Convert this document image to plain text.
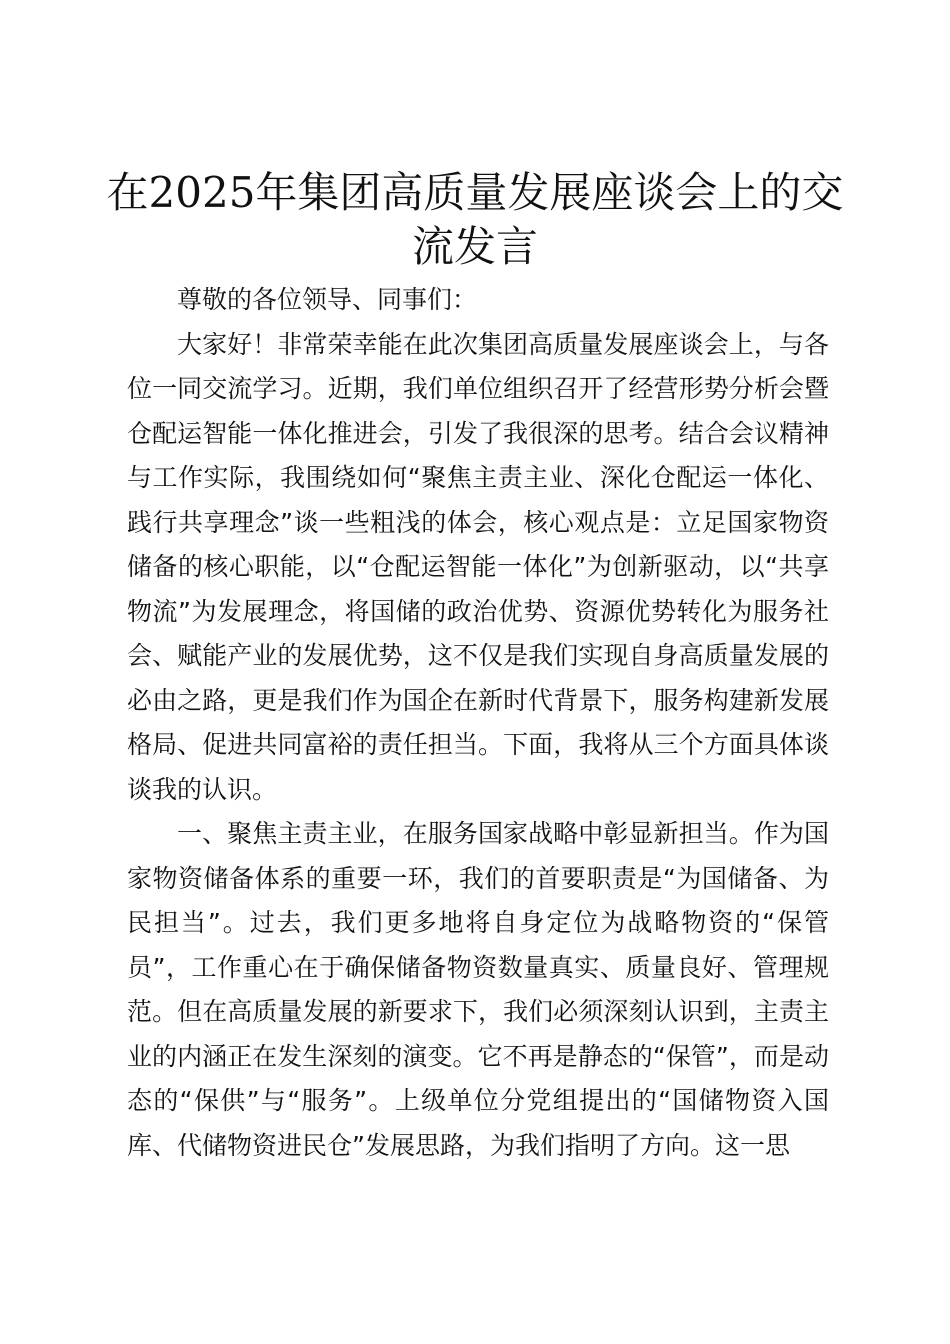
在2025年集团高质量发展座谈会上的交流发言

尊敬的各位领导、同事们：

大家好！非常荣幸能在此次集团高质量发展座谈会上，与各位一同交流学习。近期，我们单位组织召开了经营形势分析会暨仓配运智能一体化推进会，引发了我很深的思考。结合会议精神与工作实际，我围绕如何“聚焦主责主业、深化仓配运一体化、践行共享理念”谈一些粗浅的体会，核心观点是：立足国家物资储备的核心职能，以“仓配运智能一体化”为创新驱动，以“共享物流”为发展理念，将国储的政治优势、资源优势转化为服务社会、赋能产业的发展优势，这不仅是我们实现自身高质量发展的必由之路，更是我们作为国企在新时代背景下，服务构建新发展格局、促进共同富裕的责任担当。下面，我将从三个方面具体谈谈我的认识。

一、聚焦主责主业，在服务国家战略中彰显新担当。作为国家物资储备体系的重要一环，我们的首要职责是“为国储备、为民担当”。过去，我们更多地将自身定位为战略物资的“保管员”，工作重心在于确保储备物资数量真实、质量良好、管理规范。但在高质量发展的新要求下，我们必须深刻认识到，主责主业的内涵正在发生深刻的演变。它不再是静态的“保管”，而是动态的“保供”与“服务”。上级单位分党组提出的“国储物资入国库、代储物资进民仓”发展思路，为我们指明了方向。这一思
